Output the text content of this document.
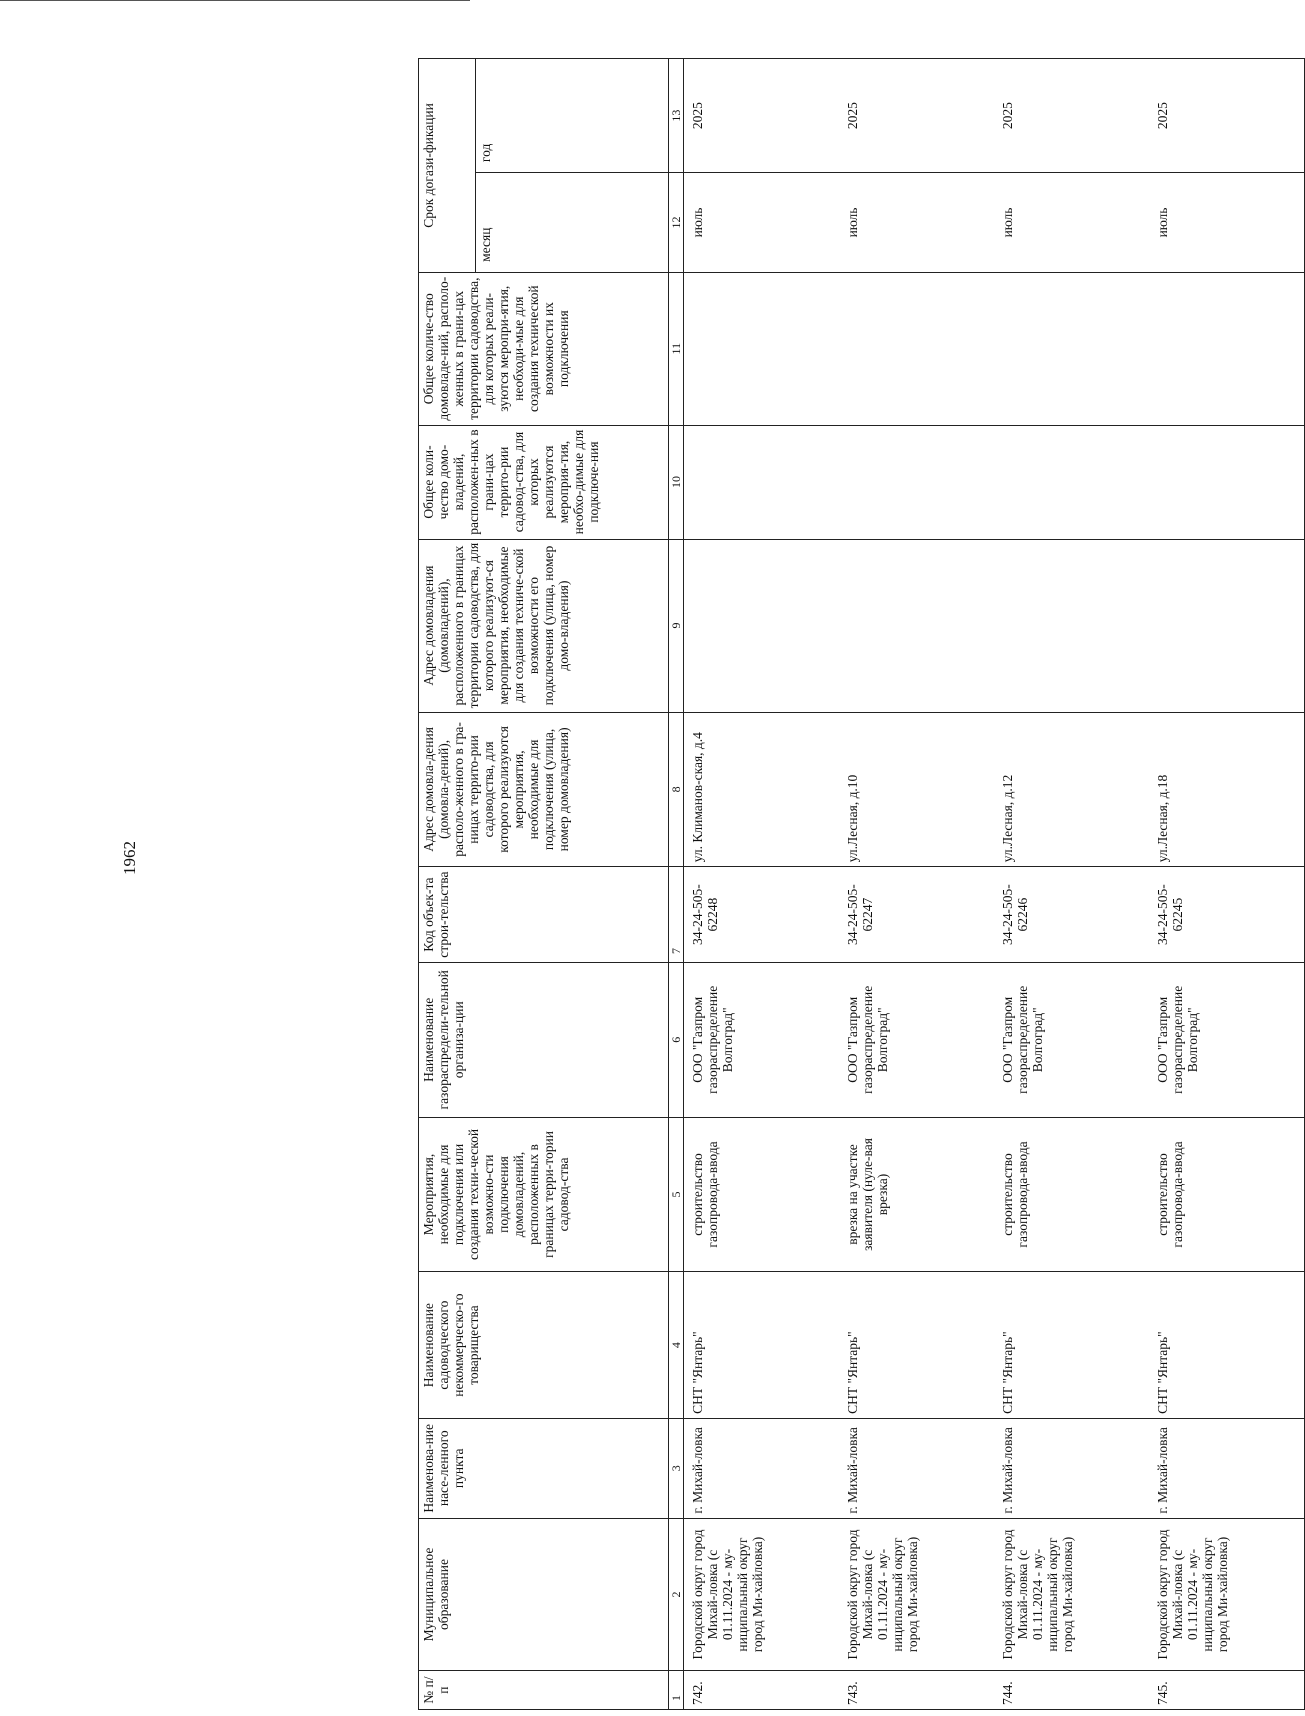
1962
№ п/п	Муниципальное образование	Наименова-ние насе-ленного пункта	Наименование садоводческого некоммерческо-го товарищества	Мероприятия, необходимые для подключения или создания техни-ческой возможно-сти подключения домовладений, расположенных в границах терри-тории садовод-ства	Наименование газораспредели-тельной организа-ции	Код объек-та строи-тельства	Адрес домовла-дения (домовла-дений), располо-женного в гра-ницах террито-рии садоводства, для которого реализуются мероприятия, необходимые для подключения (улица, номер домовладения)	Адрес домовладения (домовладений), расположенного в границах территории садоводства, для которого реализуют-ся мероприятия, необходимые для создания техниче-ской возможности его подключения (улица, номер домо-владения)	Общее коли-чество домо-владений, расположен-ных в грани-цах террито-рии садовод-ства, для которых реализуются мероприя-тия, необхо-димые для подключе-ния	Общее количе-ство домовладе-ний, располо-женных в грани-цах территории садоводства, для которых реали-зуются меропри-ятия, необходи-мые для создания технической возможности их подключения	Срок догази-фикации	
											месяц	год
1	2	3	4	5	6	7	8	9	10	11	12	13
742.	Городской округ город Михай-ловка (с 01.11.2024 - му-ниципальный округ город Ми-хайловка)	г. Михай-ловка	СНТ "Янтарь"	строительство газопровода-ввода	ООО "Газпром газораспределение Волгоград"	34-24-505-62248	ул. Климанов-ская, д.4				июль	2025
743.	Городской округ город Михай-ловка (с 01.11.2024 - му-ниципальный округ город Ми-хайловка)	г. Михай-ловка	СНТ "Янтарь"	врезка на участке заявителя (нуле-вая врезка)	ООО "Газпром газораспределение Волгоград"	34-24-505-62247	ул.Лесная, д.10				июль	2025
744.	Городской округ город Михай-ловка (с 01.11.2024 - му-ниципальный округ город Ми-хайловка)	г. Михай-ловка	СНТ "Янтарь"	строительство газопровода-ввода	ООО "Газпром газораспределение Волгоград"	34-24-505-62246	ул.Лесная, д.12				июль	2025
745.	Городской округ город Михай-ловка (с 01.11.2024 - му-ниципальный округ город Ми-хайловка)	г. Михай-ловка	СНТ "Янтарь"	строительство газопровода-ввода	ООО "Газпром газораспределение Волгоград"	34-24-505-62245	ул.Лесная, д.18				июль	2025
